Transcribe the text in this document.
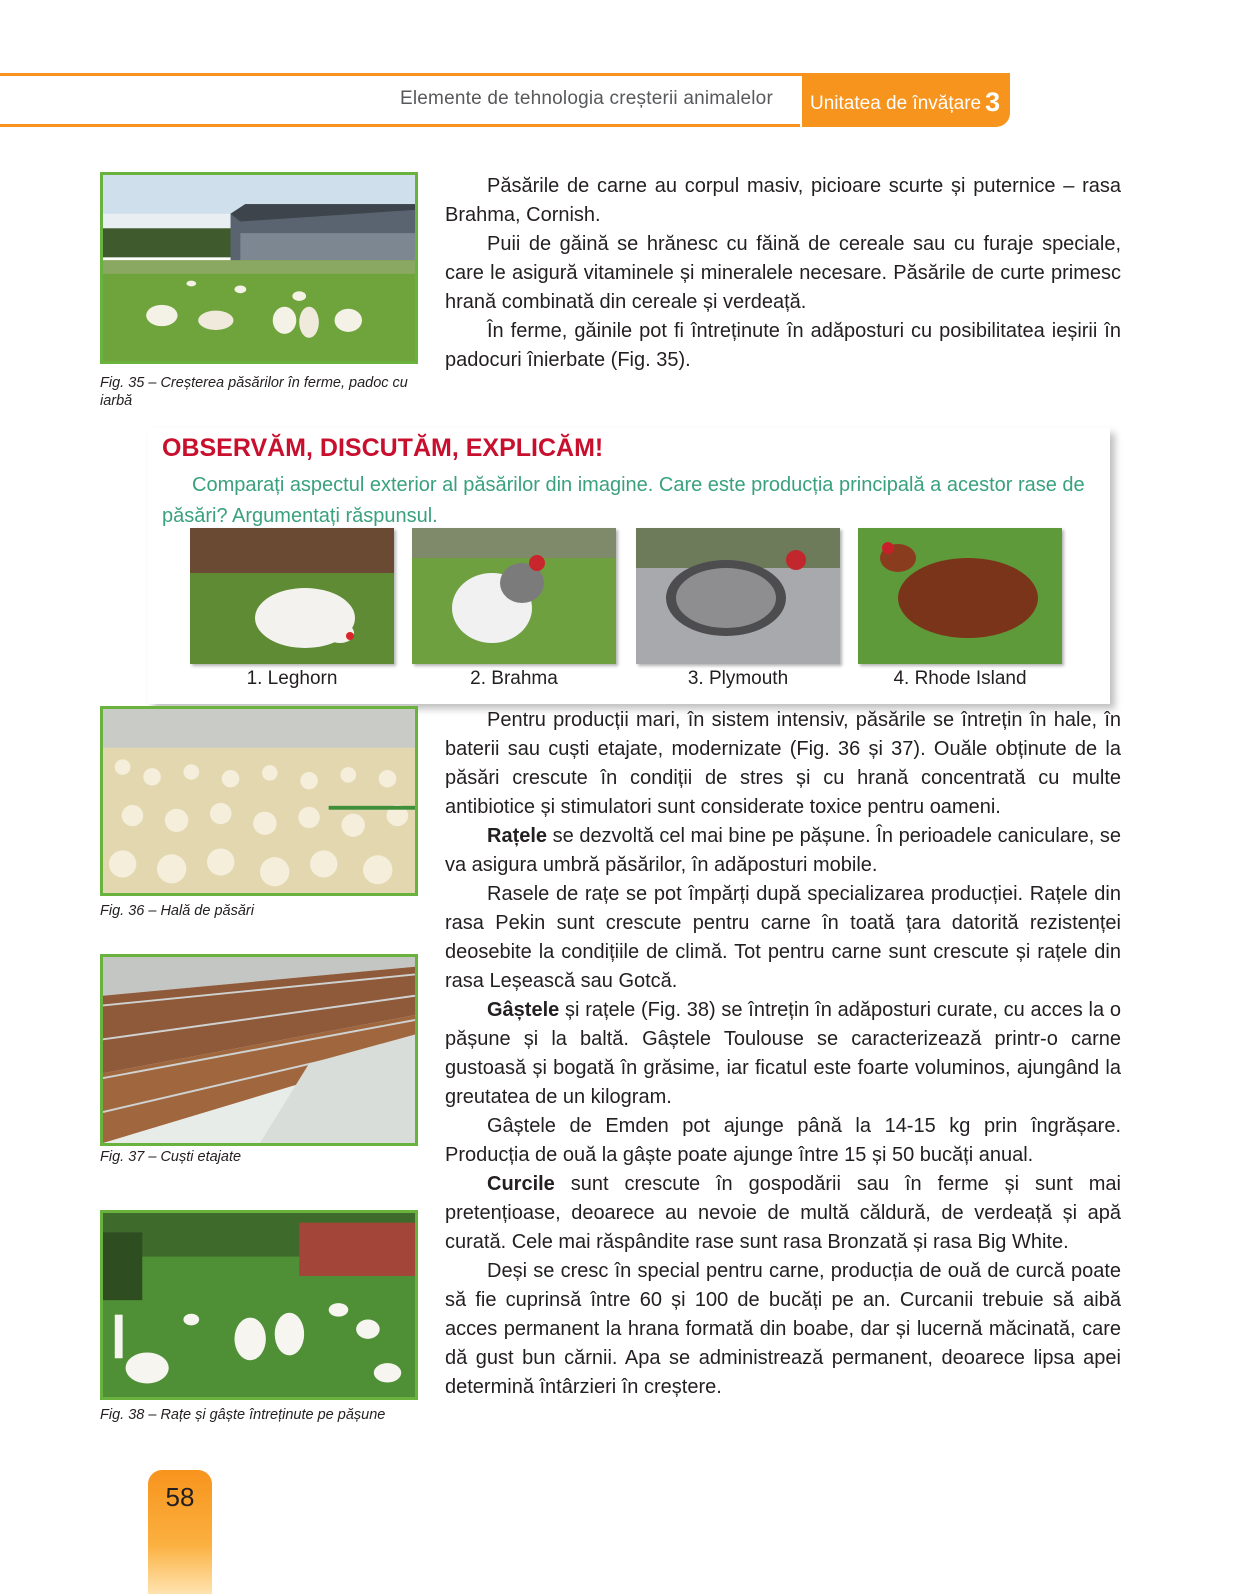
Elemente de tehnologia creșterii animalelor	Unitatea de învățare 3
Fig. 35 – Creșterea păsărilor în ferme, padoc cu iarbă

Păsările de carne au corpul masiv, picioare scurte și puternice – rasa Brahma, Cornish.

Puii de găină se hrănesc cu făină de cereale sau cu furaje speciale, care le asigură vitaminele și mineralele necesare. Păsările de curte primesc hrană combinată din cereale și verdeață.

În ferme, găinile pot fi întreținute în adăposturi cu posibilitatea ieșirii în padocuri înierbate (Fig. 35).

OBSERVĂM, DISCUTĂM, EXPLICĂM!
Comparați aspectul exterior al păsărilor din imagine. Care este producția principală a acestor rase de păsări? Argumentați răspunsul.
1. Leghorn	2. Brahma	3. Plymouth	4. Rhode Island
Fig. 36 – Hală de păsări
Fig. 37 – Cuști etajate
Fig. 38 – Rațe și gâște întreținute pe pășune

Pentru producții mari, în sistem intensiv, păsările se întrețin în hale, în baterii sau cuști etajate, modernizate (Fig. 36 și 37). Ouăle obținute de la păsări crescute în condiții de stres și cu hrană concentrată cu multe antibiotice și stimulatori sunt considerate toxice pentru oameni.

Rațele se dezvoltă cel mai bine pe pășune. În perioadele caniculare, se va asigura umbră păsărilor, în adăposturi mobile.

Rasele de rațe se pot împărți după specializarea producției. Rațele din rasa Pekin sunt crescute pentru carne în toată țara datorită rezistenței deosebite la condițiile de climă. Tot pentru carne sunt crescute și rațele din rasa Leșească sau Gotcă.

Gâștele și rațele (Fig. 38) se întrețin în adăposturi curate, cu acces la o pășune și la baltă. Gâștele Toulouse se caracterizează printr-o carne gustoasă și bogată în grăsime, iar ficatul este foarte voluminos, ajungând la greutatea de un kilogram.

Gâștele de Emden pot ajunge până la 14-15 kg prin îngrășare. Producția de ouă la gâște poate ajunge între 15 și 50 bucăți anual.

Curcile sunt crescute în gospodării sau în ferme și sunt mai pretențioase, deoarece au nevoie de multă căldură, de verdeață și apă curată. Cele mai răspândite rase sunt rasa Bronzată și rasa Big White.

Deși se cresc în special pentru carne, producția de ouă de curcă poate să fie cuprinsă între 60 și 100 de bucăți pe an. Curcanii trebuie să aibă acces permanent la hrana formată din boabe, dar și lucernă măcinată, care dă gust bun cărnii. Apa se administrează permanent, deoarece lipsa apei determină întârzieri în creștere.

58
